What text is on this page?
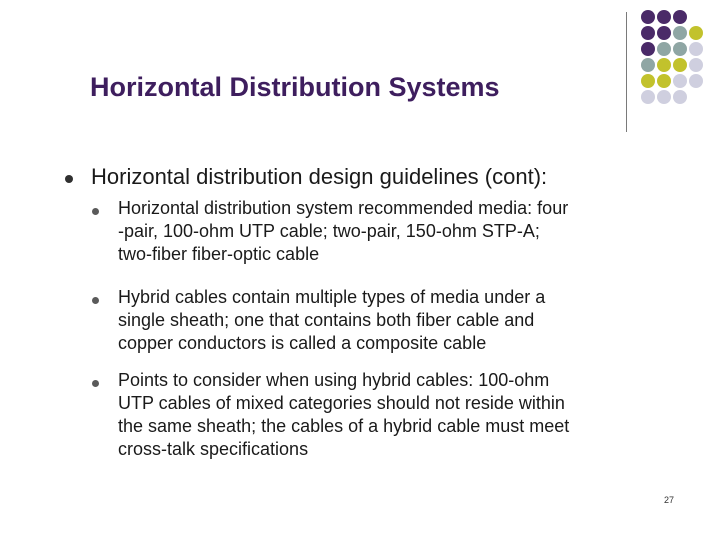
Horizontal Distribution Systems
Horizontal distribution design guidelines (cont):
Horizontal distribution system recommended media: four
-pair, 100-ohm UTP cable; two-pair, 150-ohm STP-A;
two-fiber fiber-optic cable
Hybrid cables contain multiple types of media under a
single sheath; one that contains both fiber cable and
copper conductors is called a composite cable
Points to consider when using hybrid cables: 100-ohm
UTP cables of mixed categories should not reside within
the same sheath; the cables of a hybrid cable must meet
cross-talk specifications
27
